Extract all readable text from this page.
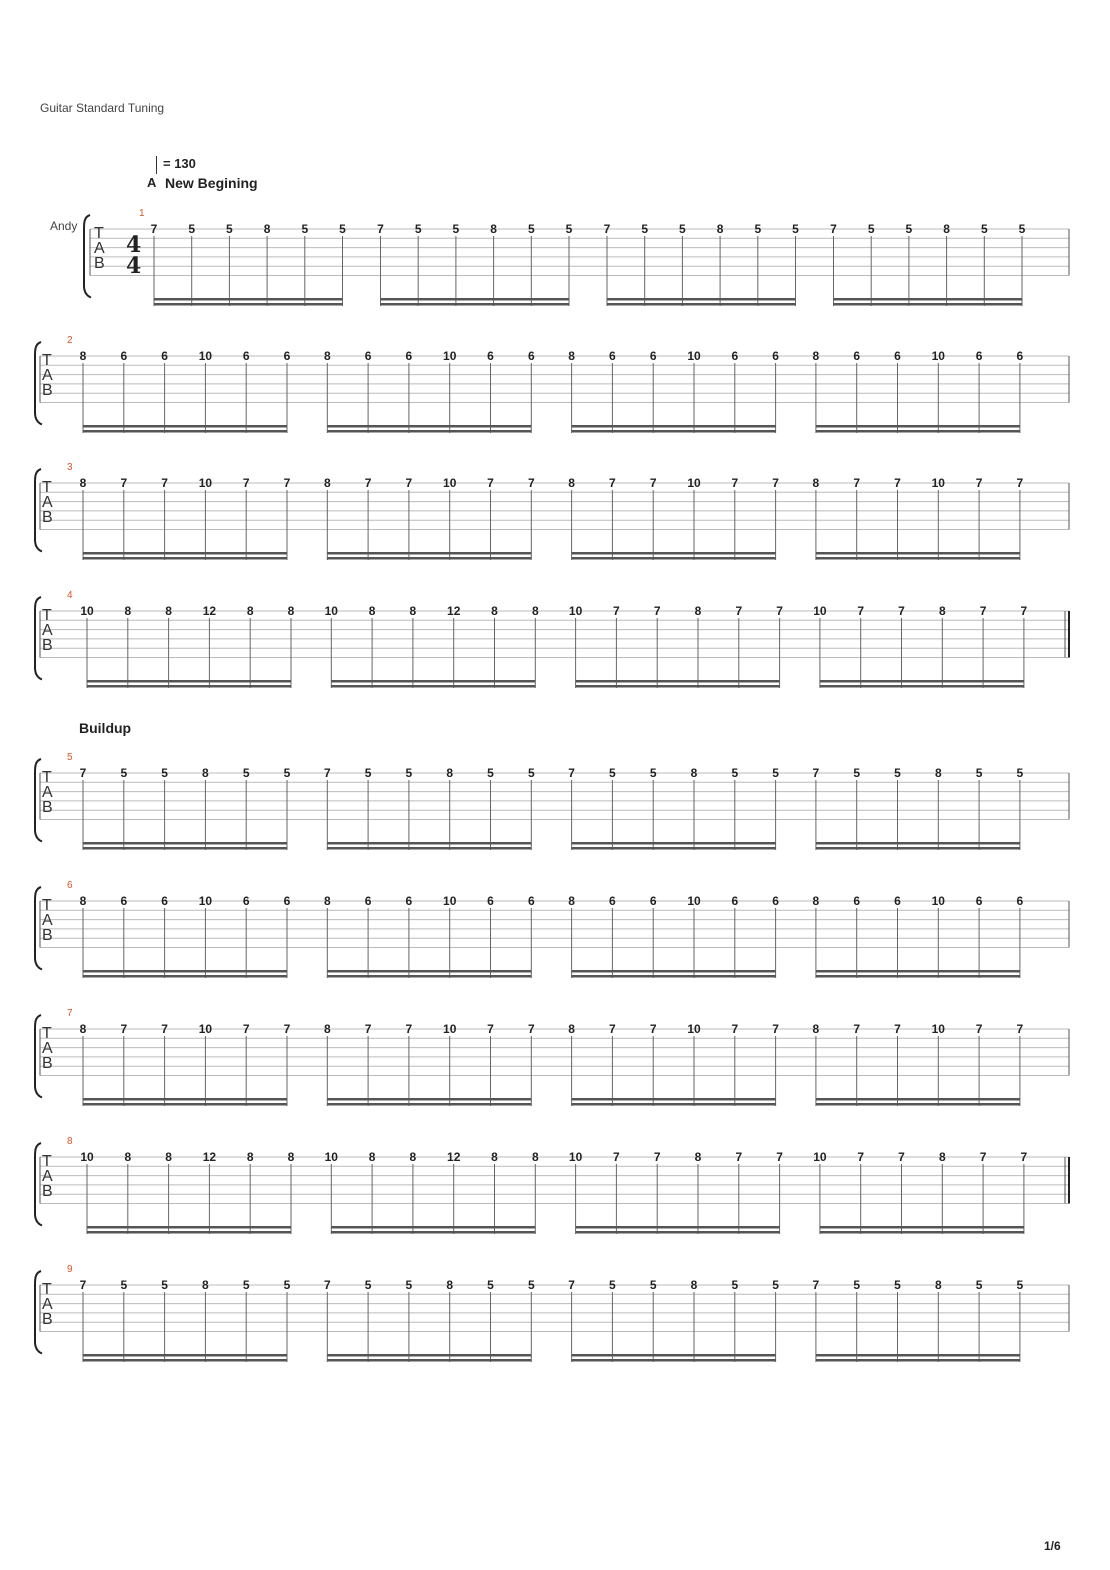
Guitar Standard Tuning
= 130
A New Begining
Buildup
Andy
1/6
T
A
B
4
4
1
7	5	5	8	5	5	7	5	5	8	5	5	7	5	5	8	5	5	7	5	5	8	5	5
T
A
B
2
8	6	6	10	6	6	8	6	6	10	6	6	8	6	6	10	6	6	8	6	6	10	6	6
T
A
B
3
8	7	7	10	7	7	8	7	7	10	7	7	8	7	7	10	7	7	8	7	7	10	7	7
T
A
B
4
10	8	8	12	8	8	10	8	8	12	8	8	10	7	7	8	7	7	10	7	7	8	7	7
T
A
B
5
7	5	5	8	5	5	7	5	5	8	5	5	7	5	5	8	5	5	7	5	5	8	5	5
T
A
B
6
8	6	6	10	6	6	8	6	6	10	6	6	8	6	6	10	6	6	8	6	6	10	6	6
T
A
B
7
8	7	7	10	7	7	8	7	7	10	7	7	8	7	7	10	7	7	8	7	7	10	7	7
T
A
B
8
10	8	8	12	8	8	10	8	8	12	8	8	10	7	7	8	7	7	10	7	7	8	7	7
T
A
B
9
7	5	5	8	5	5	7	5	5	8	5	5	7	5	5	8	5	5	7	5	5	8	5	5
